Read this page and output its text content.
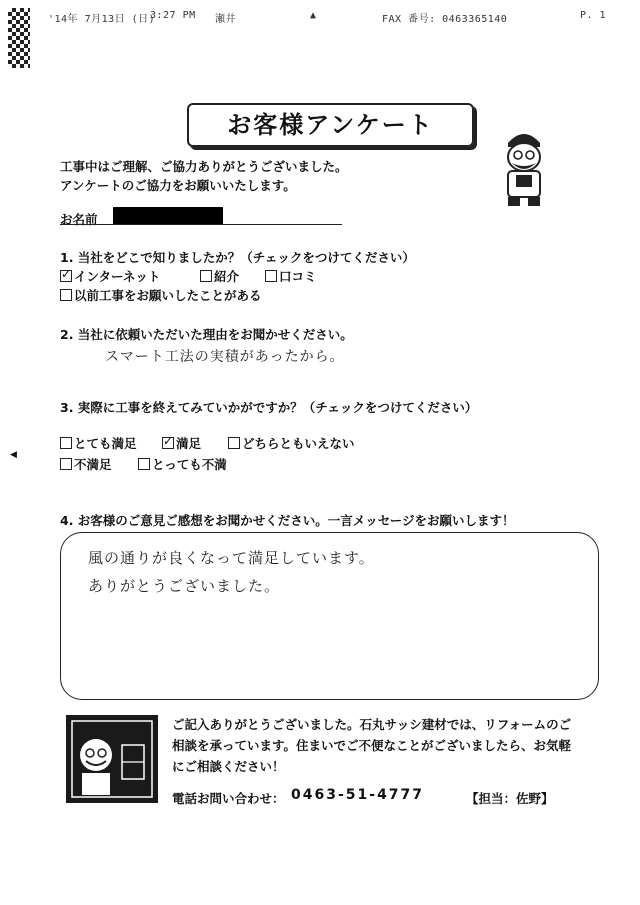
'14年 7月13日 (日)
3:27 PM 瀬井	▲	FAX 番号: 0463365140	P. 1
お客様アンケート
工事中はご理解、ご協力ありがとうございました。
アンケートのご協力をお願いいたします。
お名前
1. 当社をどこで知りましたか？（チェックをつけてください）
✓インターネット	紹介	口コミ
以前工事をお願いしたことがある
2. 当社に依頼いただいた理由をお聞かせください。
スマート工法の実積があったから。
3. 実際に工事を終えてみていかがですか？（チェックをつけてください）
とても満足
✓	満足	どちらともいえない
不満足	とっても不満
◀
4. お客様のご意見ご感想をお聞かせください。一言メッセージをお願いします！
風の通りが良くなって満足しています。
ありがとうございました。
ご記入ありがとうございました。石丸サッシ建材では、リフォームのご
相談を承っています。住まいでご不便なことがございましたら、お気軽
にご相談ください！
電話お問い合わせ： 0463-51-4777	【担当：佐野】
